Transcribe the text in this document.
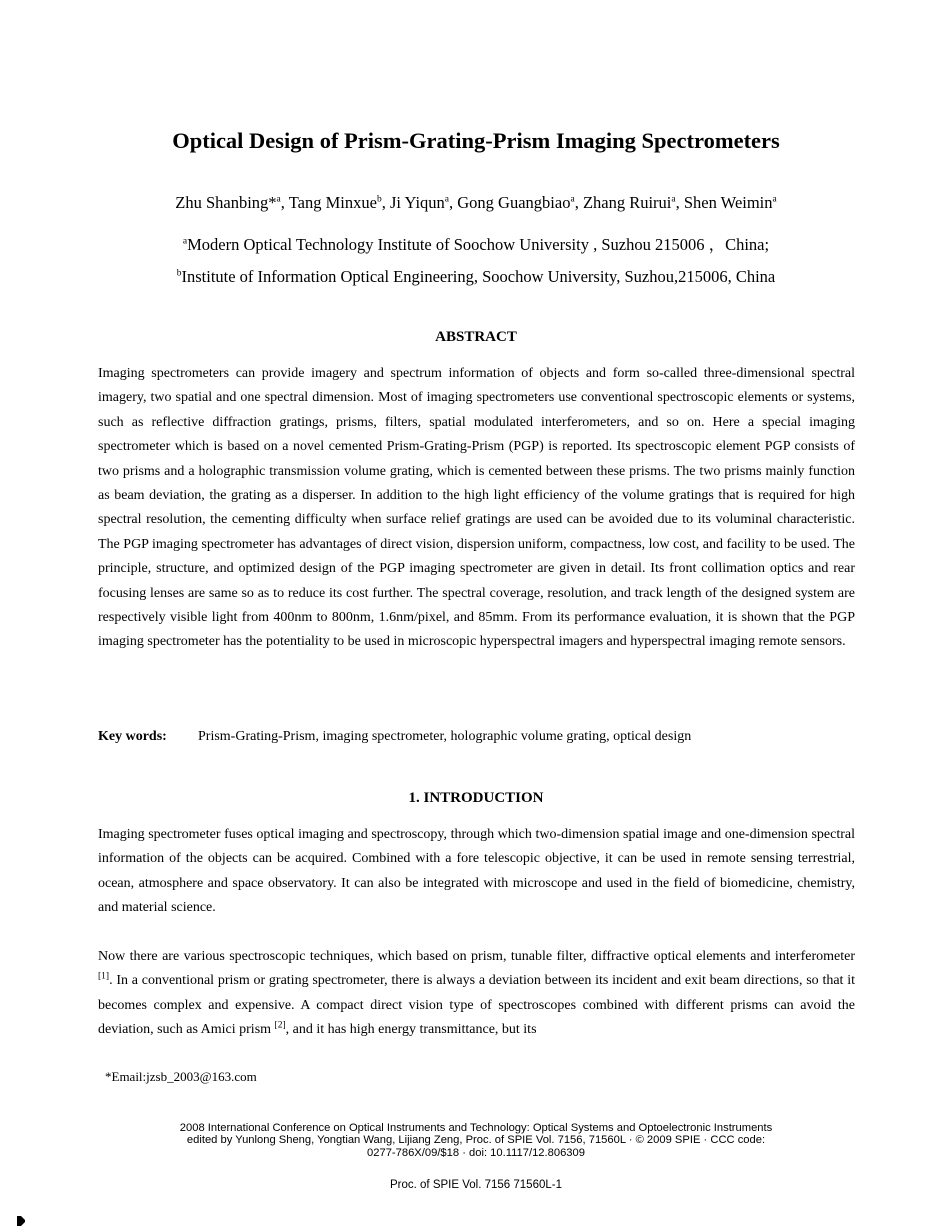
Optical Design of Prism-Grating-Prism Imaging Spectrometers
Zhu Shanbing*$^a$, Tang Minxue$^b$, Ji Yiqun$^a$, Gong Guangbiao$^a$, Zhang Ruirui$^a$, Shen Weimin$^a$
$^a$Modern Optical Technology Institute of Soochow University , Suzhou 215006 ，China;
$^b$Institute of Information Optical Engineering, Soochow University, Suzhou,215006, China
ABSTRACT

Imaging spectrometers can provide imagery and spectrum information of objects and form so-called three-dimensional spectral imagery, two spatial and one spectral dimension. Most of imaging spectrometers use conventional spectroscopic elements or systems, such as reflective diffraction gratings, prisms, filters, spatial modulated interferometers, and so on. Here a special imaging spectrometer which is based on a novel cemented Prism-Grating-Prism (PGP) is reported. Its spectroscopic element PGP consists of two prisms and a holographic transmission volume grating, which is cemented between these prisms. The two prisms mainly function as beam deviation, the grating as a disperser. In addition to the high light efficiency of the volume gratings that is required for high spectral resolution, the cementing difficulty when surface relief gratings are used can be avoided due to its voluminal characteristic. The PGP imaging spectrometer has advantages of direct vision, dispersion uniform, compactness, low cost, and facility to be used. The principle, structure, and optimized design of the PGP imaging spectrometer are given in detail. Its front collimation optics and rear focusing lenses are same so as to reduce its cost further. The spectral coverage, resolution, and track length of the designed system are respectively visible light from 400nm to 800nm, 1.6nm/pixel, and 85mm. From its performance evaluation, it is shown that the PGP imaging spectrometer has the potentiality to be used in microscopic hyperspectral imagers and hyperspectral imaging remote sensors.

Key words: Prism-Grating-Prism, imaging spectrometer, holographic volume grating, optical design
1. INTRODUCTION

Imaging spectrometer fuses optical imaging and spectroscopy, through which two-dimension spatial image and one-dimension spectral information of the objects can be acquired. Combined with a fore telescopic objective, it can be used in remote sensing terrestrial, ocean, atmosphere and space observatory. It can also be integrated with microscope and used in the field of biomedicine, chemistry, and material science.

Now there are various spectroscopic techniques, which based on prism, tunable filter, diffractive optical elements and interferometer [1]. In a conventional prism or grating spectrometer, there is always a deviation between its incident and exit beam directions, so that it becomes complex and expensive. A compact direct vision type of spectroscopes combined with different prisms can avoid the deviation, such as Amici prism [2], and it has high energy transmittance, but its

*Email:jzsb_2003@163.com
2008 International Conference on Optical Instruments and Technology: Optical Systems and Optoelectronic Instruments
edited by Yunlong Sheng, Yongtian Wang, Lijiang Zeng, Proc. of SPIE Vol. 7156, 71560L · © 2009 SPIE · CCC code:
0277-786X/09/$18 · doi: 10.1117/12.806309
Proc. of SPIE Vol. 7156 71560L-1
